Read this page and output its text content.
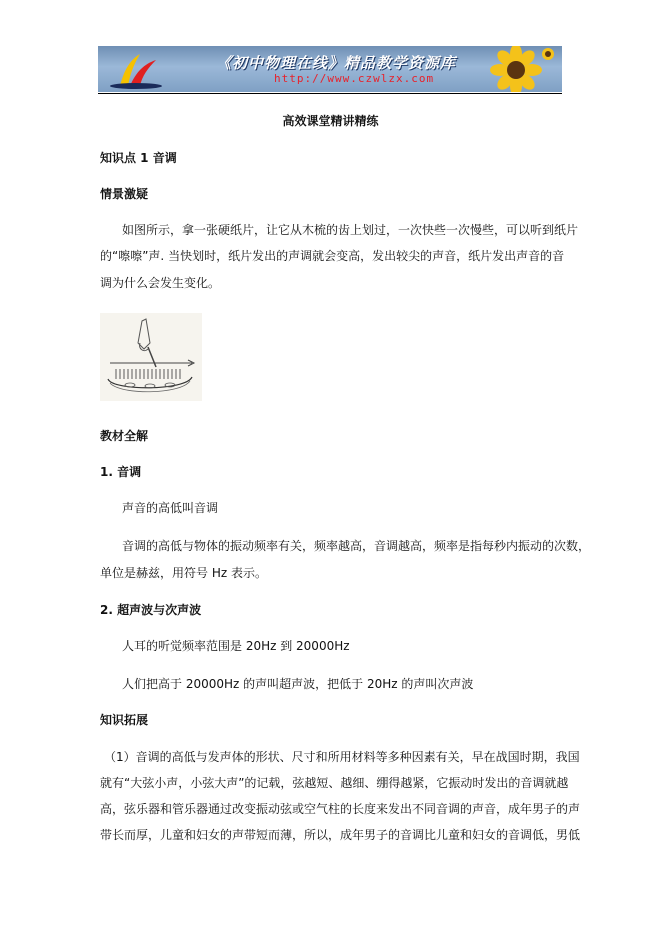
《初中物理在线》精品教学资源库
http://www.czwlzx.com
高效课堂精讲精练
知识点 1 音调
情景激疑
如图所示，拿一张硬纸片，让它从木梳的齿上划过，一次快些一次慢些，可以听到纸片
的“嚓嚓”声. 当快划时，纸片发出的声调就会变高，发出较尖的声音，纸片发出声音的音
调为什么会发生变化。
教材全解
1. 音调
声音的高低叫音调
音调的高低与物体的振动频率有关，频率越高，音调越高，频率是指每秒内振动的次数，
单位是赫兹，用符号 Hz 表示。
2. 超声波与次声波
人耳的听觉频率范围是 20Hz 到 20000Hz
人们把高于 20000Hz 的声叫超声波，把低于 20Hz 的声叫次声波
知识拓展
（1）音调的高低与发声体的形状、尺寸和所用材料等多种因素有关，早在战国时期，我国
就有“大弦小声，小弦大声”的记载，弦越短、越细、绷得越紧，它振动时发出的音调就越
高，弦乐器和管乐器通过改变振动弦或空气柱的长度来发出不同音调的声音，成年男子的声
带长而厚，儿童和妇女的声带短而薄，所以，成年男子的音调比儿童和妇女的音调低，男低
